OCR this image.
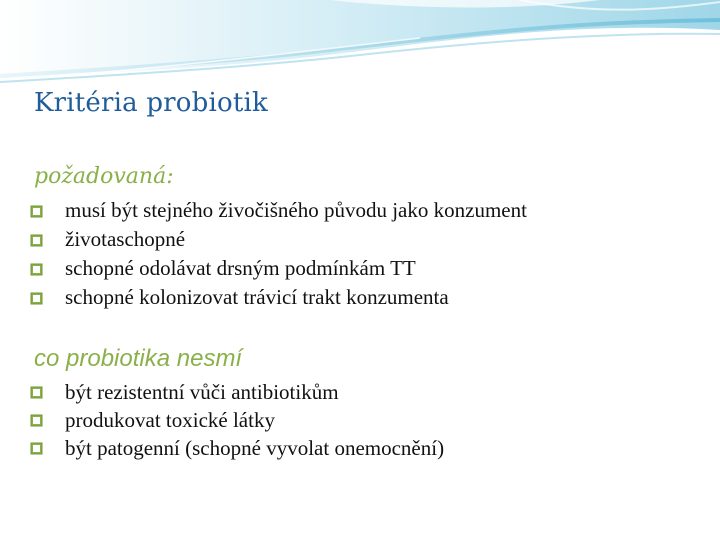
Kritéria probiotik
požadovaná:
musí být stejného živočišného původu jako konzument
životaschopné
schopné odolávat drsným podmínkám TT
schopné kolonizovat trávicí trakt konzumenta
co probiotika nesmí
být rezistentní vůči antibiotikům
produkovat toxické látky
být patogenní (schopné vyvolat onemocnění)
